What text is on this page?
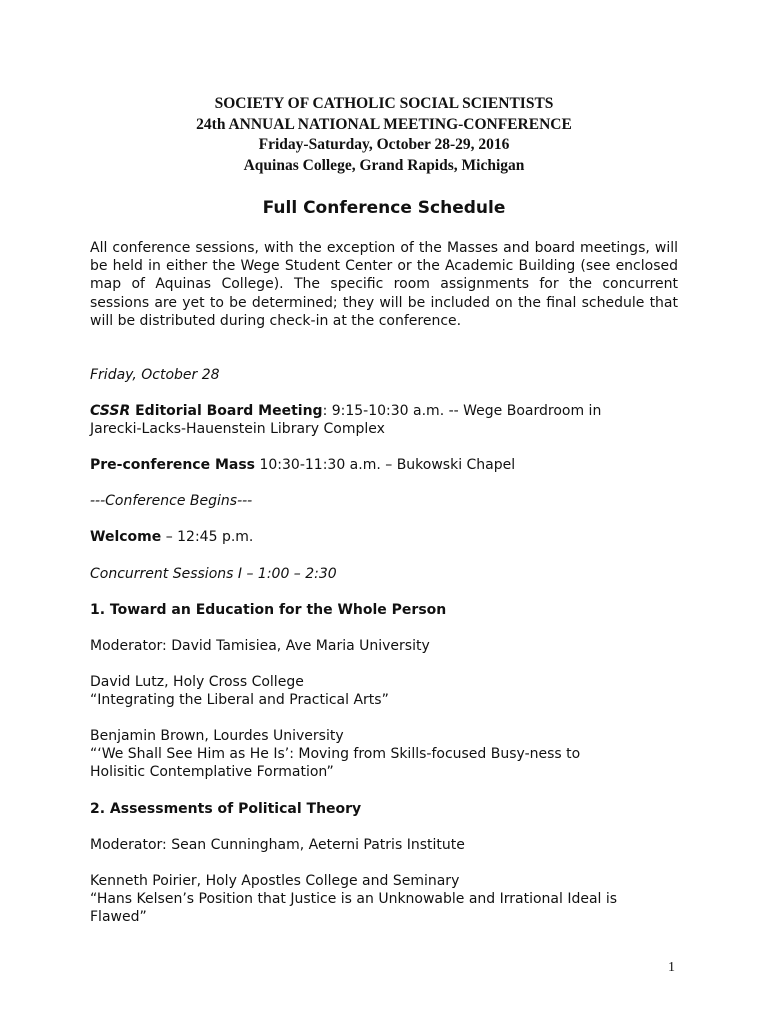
SOCIETY OF CATHOLIC SOCIAL SCIENTISTS
24th ANNUAL NATIONAL MEETING-CONFERENCE
Friday-Saturday, October 28-29, 2016
Aquinas College, Grand Rapids, Michigan
Full Conference Schedule
All conference sessions, with the exception of the Masses and board meetings, will be held in either the Wege Student Center or the Academic Building (see enclosed map of Aquinas College). The specific room assignments for the concurrent sessions are yet to be determined; they will be included on the final schedule that will be distributed during check-in at the conference.
Friday, October 28
CSSR Editorial Board Meeting: 9:15-10:30 a.m. -- Wege Boardroom in
Jarecki-Lacks-Hauenstein Library Complex
Pre-conference Mass 10:30-11:30 a.m. – Bukowski Chapel
---Conference Begins---
Welcome – 12:45 p.m.
Concurrent Sessions I – 1:00 – 2:30
1. Toward an Education for the Whole Person
Moderator: David Tamisiea, Ave Maria University
David Lutz, Holy Cross College
“Integrating the Liberal and Practical Arts”
Benjamin Brown, Lourdes University
“‘We Shall See Him as He Is’: Moving from Skills-focused Busy-ness to
Holisitic Contemplative Formation”
2. Assessments of Political Theory
Moderator: Sean Cunningham, Aeterni Patris Institute
Kenneth Poirier, Holy Apostles College and Seminary
“Hans Kelsen’s Position that Justice is an Unknowable and Irrational Ideal is
Flawed”
1
